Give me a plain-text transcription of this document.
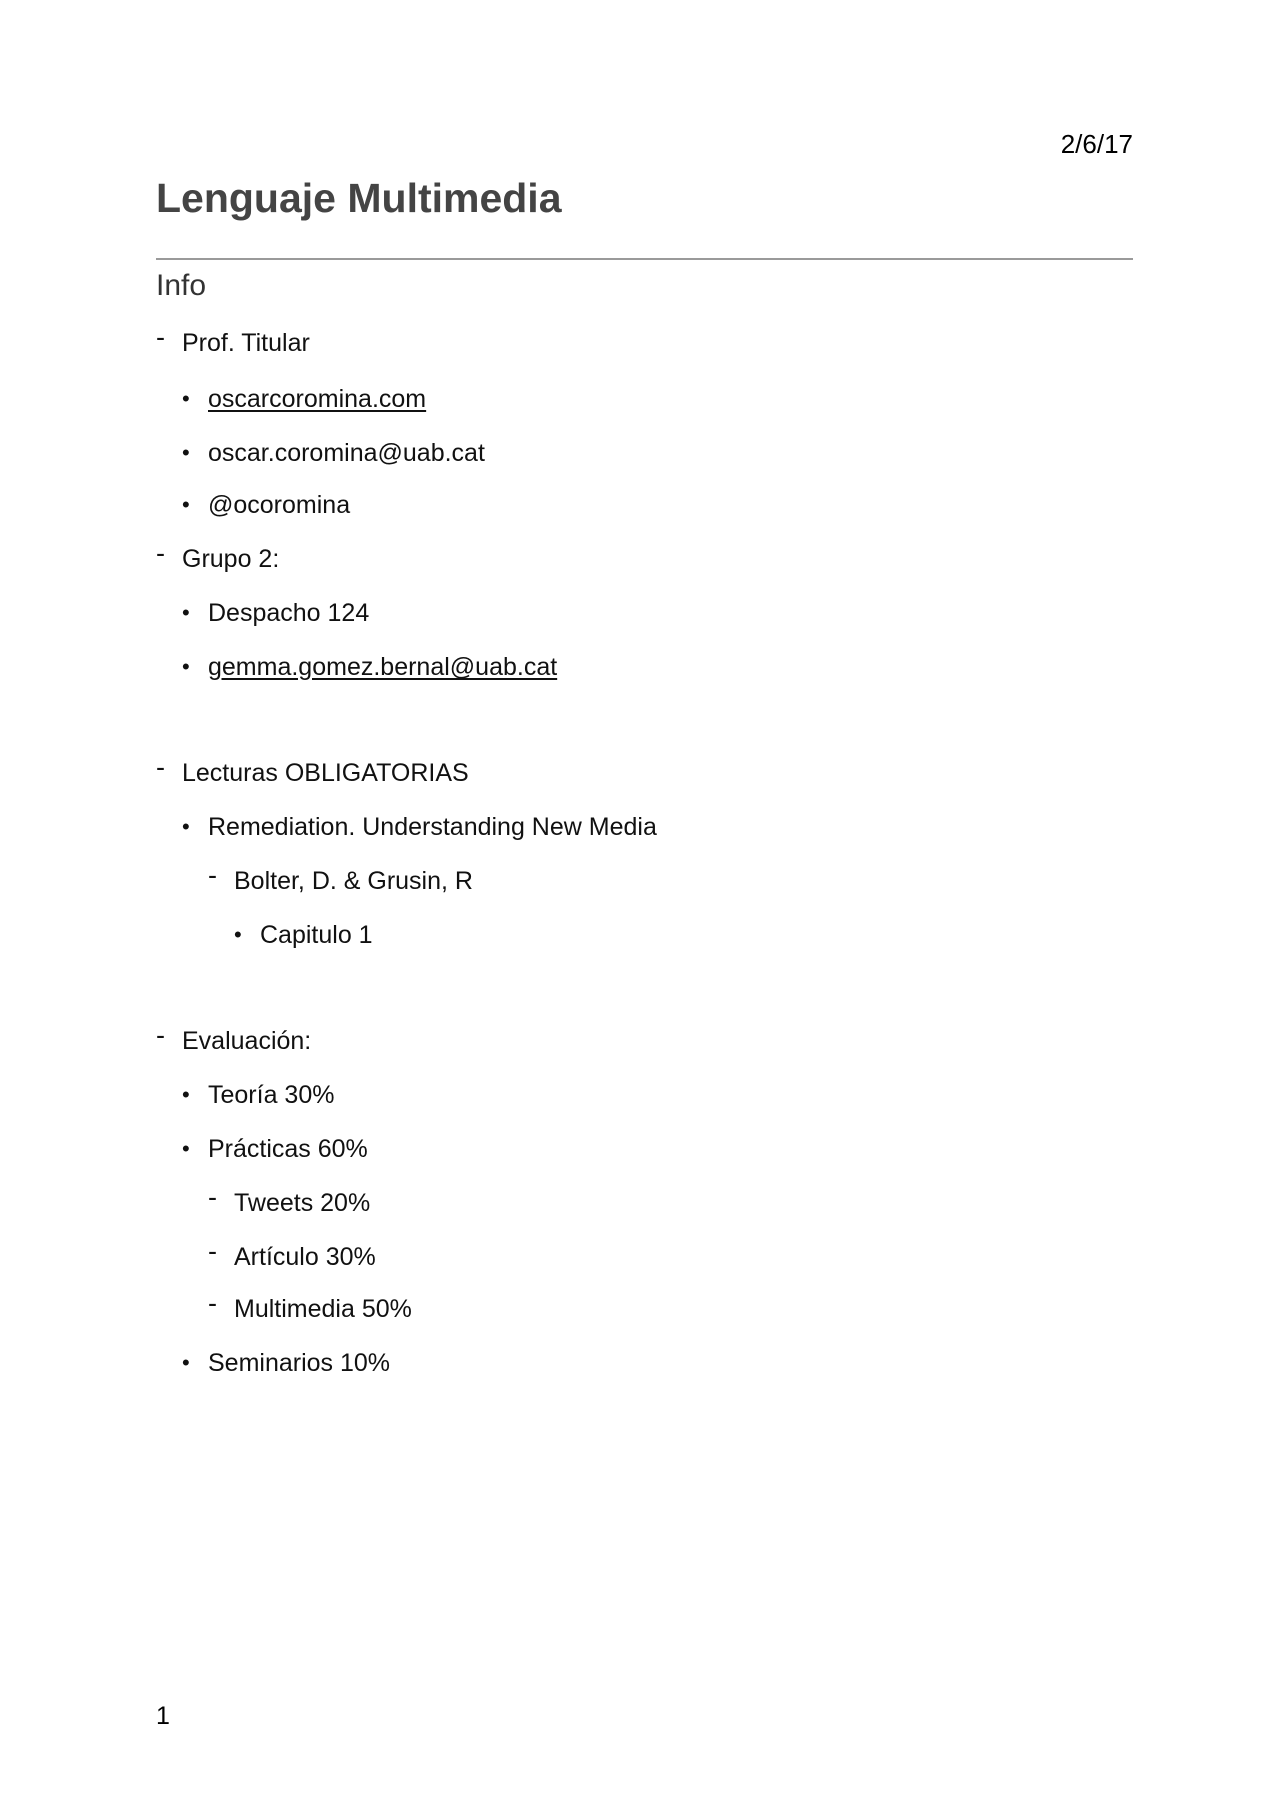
2/6/17
Lenguaje Multimedia
Info
- Prof. Titular
• oscarcoromina.com
• oscar.coromina@uab.cat
• @ocoromina
- Grupo 2:
• Despacho 124
• gemma.gomez.bernal@uab.cat
- Lecturas OBLIGATORIAS
• Remediation. Understanding New Media
- Bolter, D. & Grusin, R
• Capitulo 1
- Evaluación:
• Teoría 30%
• Prácticas 60%
- Tweets 20%
- Artículo 30%
- Multimedia 50%
• Seminarios 10%
1
